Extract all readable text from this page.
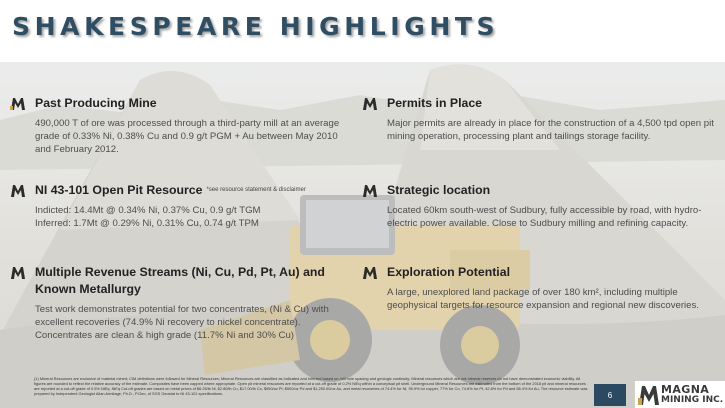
SHAKESPEARE HIGHLIGHTS
Past Producing Mine

490,000 T of ore was processed through a third-party mill at an average grade of 0.33% Ni, 0.38% Cu and 0.9 g/t PGM + Au between May 2010 and February 2012.

Permits in Place

Major permits are already in place for the construction of a 4,500 tpd open pit mining operation, processing plant and tailings storage facility.

NI 43-101 Open Pit Resource $^{*see resource statement \& disclaimer}$

Indicted: 14.4Mt @ 0.34% Ni, 0.37% Cu, 0.9 g/t TGM

Inferred: 1.7Mt @ 0.29% Ni, 0.31% Cu, 0.74 g/t TPM

Strategic location

Located 60km south-west of Sudbury, fully accessible by road, with hydro-electric power available. Close to Sudbury milling and refining capacity.

Multiple Revenue Streams (Ni, Cu, Pd, Pt, Au) and Known Metallurgy

Test work demonstrates potential for two concentrates, (Ni & Cu) with excellent recoveries (74.9% Ni recovery to nickel concentrate).

Concentrates are clean & high grade (11.7% Ni and 30% Cu)

Exploration Potential

A large, unexplored land package of over 180 km², including multiple geophysical targets for resource expansion and regional new discoveries.

(1) Mineral Resources are exclusive of material mined; CIM definitions were followed for Mineral Resources; Mineral Resources are classified as Indicated and Inferred based on drill hole spacing and geologic continuity; Mineral resources which are not mineral reserves do not have demonstrated economic viability. All figures are rounded to reflect the relative accuracy of the estimate. Composites have been capped where appropriate. Open pit mineral resources are reported at a cut-off grade of 0.2% NiEq within a conceptual pit shell. Underground Mineral Resources are estimated from the bottom of the 2018 pit and mineral resources are reported at a cut-off grade of 0.5% NiEq. NiEq Cut-off grades are based on metal prices of $6.25/lb Ni, $2.80/lb Cu, $17.00/lb Co, $950/oz Pt, $900/oz Pd and $1,250.00/oz Au, and metal recoveries of 74.4% for Ni, 95.9% for copper, 77% for Co, 74.8% for Pt, 42.8% for Pd and 58.4% for Au. The resource estimate was prepared by Independent Geologist Allan Armitage, Ph.D., P.Geo, of SGS Geostat to NI 43-101 specifications.	6	MAGNA
MINING INC.
